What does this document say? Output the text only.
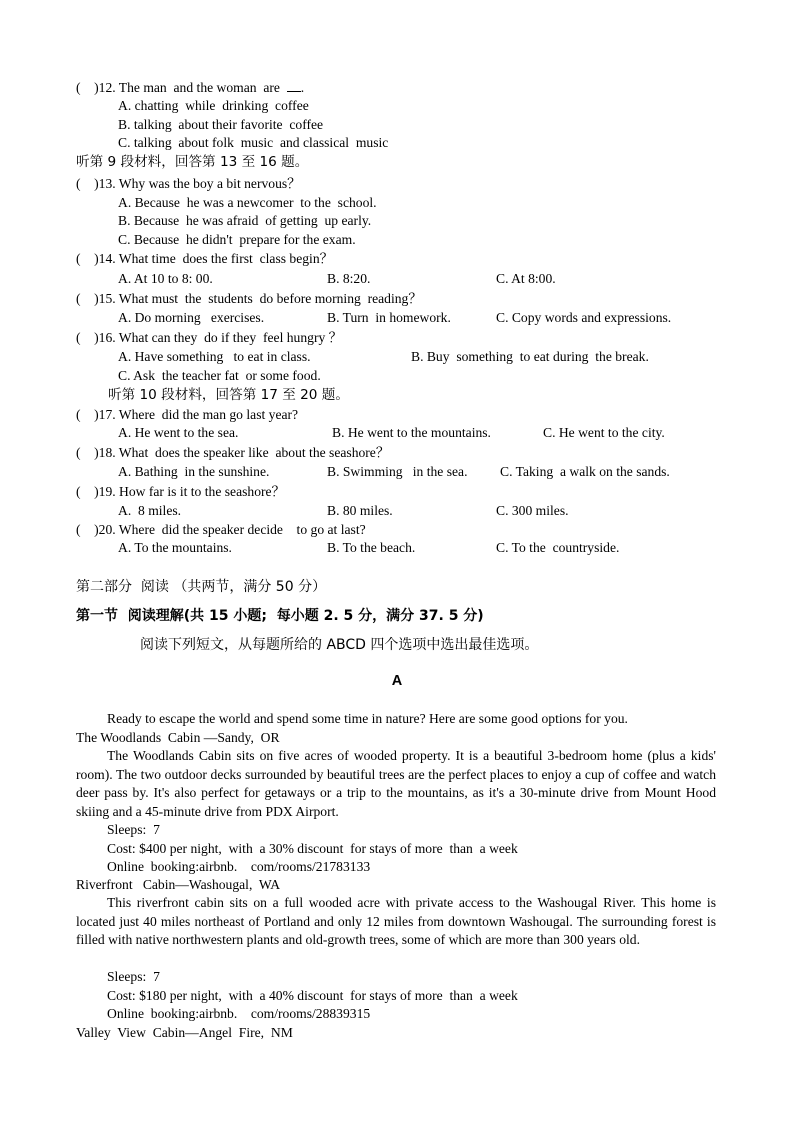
(    )12. The man  and the woman  are  .
A. chatting  while  drinking  coffee
B. talking  about their favorite  coffee
C. talking  about folk  music  and classical  music
听第 9 段材料，回答第 13 至 16 题。
(    )13. Why was the boy a bit nervous？
A. Because  he was a newcomer  to the  school.
B. Because  he was afraid  of getting  up early.
C. Because  he didn't  prepare for the exam.
(    )14. What time  does the first  class begin？
A. At 10 to 8: 00.	B. 8:20.	C. At 8:00.
(    )15. What must  the  students  do before morning  reading？
A. Do morning   exercises.	B. Turn  in homework.	C. Copy words and expressions.
(    )16. What can they  do if they  feel hungry ？
A. Have something   to eat in class.	B. Buy  something  to eat during  the break.
C. Ask  the teacher fat  or some food.
听第 10 段材料，回答第 17 至 20 题。
(    )17. Where  did the man go last year?
A. He went to the sea.	B. He went to the mountains.	C. He went to the city.
(    )18. What  does the speaker like  about the seashore？
A. Bathing  in the sunshine.	B. Swimming   in the sea. C. Taking  a walk on the sands.
(    )19. How far is it to the seashore？
A.  8 miles.	B. 80 miles.	C. 300 miles.
(    )20. Where  did the speaker decide    to go at last?
A. To the mountains.	B. To the beach.	C. To the  countryside.
第二部分  阅读 （共两节，满分 50 分）
第一节  阅读理解(共 15 小题;  每小题 2. 5 分，满分 37. 5 分)
阅读下列短文，从每题所给的 ABCD 四个选项中选出最佳选项。
A
Ready to escape the world and spend some time in nature? Here are some good options for you.
The Woodlands  Cabin —Sandy,  OR
The Woodlands Cabin sits on five acres of wooded property. It is a beautiful 3-bedroom home (plus a kids' room). The two outdoor decks surrounded by beautiful trees are the perfect places to enjoy a cup of coffee and watch deer pass by. It's also perfect for getaways or a trip to the mountains, as it's a 30-minute drive from Mount Hood skiing and a 45-minute drive from PDX Airport.
Sleeps:  7
Cost: $400 per night,  with  a 30% discount  for stays of more  than  a week
Online  booking:airbnb.    com/rooms/21783133
Riverfront   Cabin—Washougal,  WA
This riverfront cabin sits on a full wooded acre with private access to the Washougal River. This home is located just 40 miles northeast of Portland and only 12 miles from downtown Washougal. The surrounding forest is filled with native northwestern plants and old-growth trees, some of which are more than 300 years old.
Sleeps:  7
Cost: $180 per night,  with  a 40% discount  for stays of more  than  a week
Online  booking:airbnb.    com/rooms/28839315
Valley  View  Cabin—Angel  Fire,  NM
